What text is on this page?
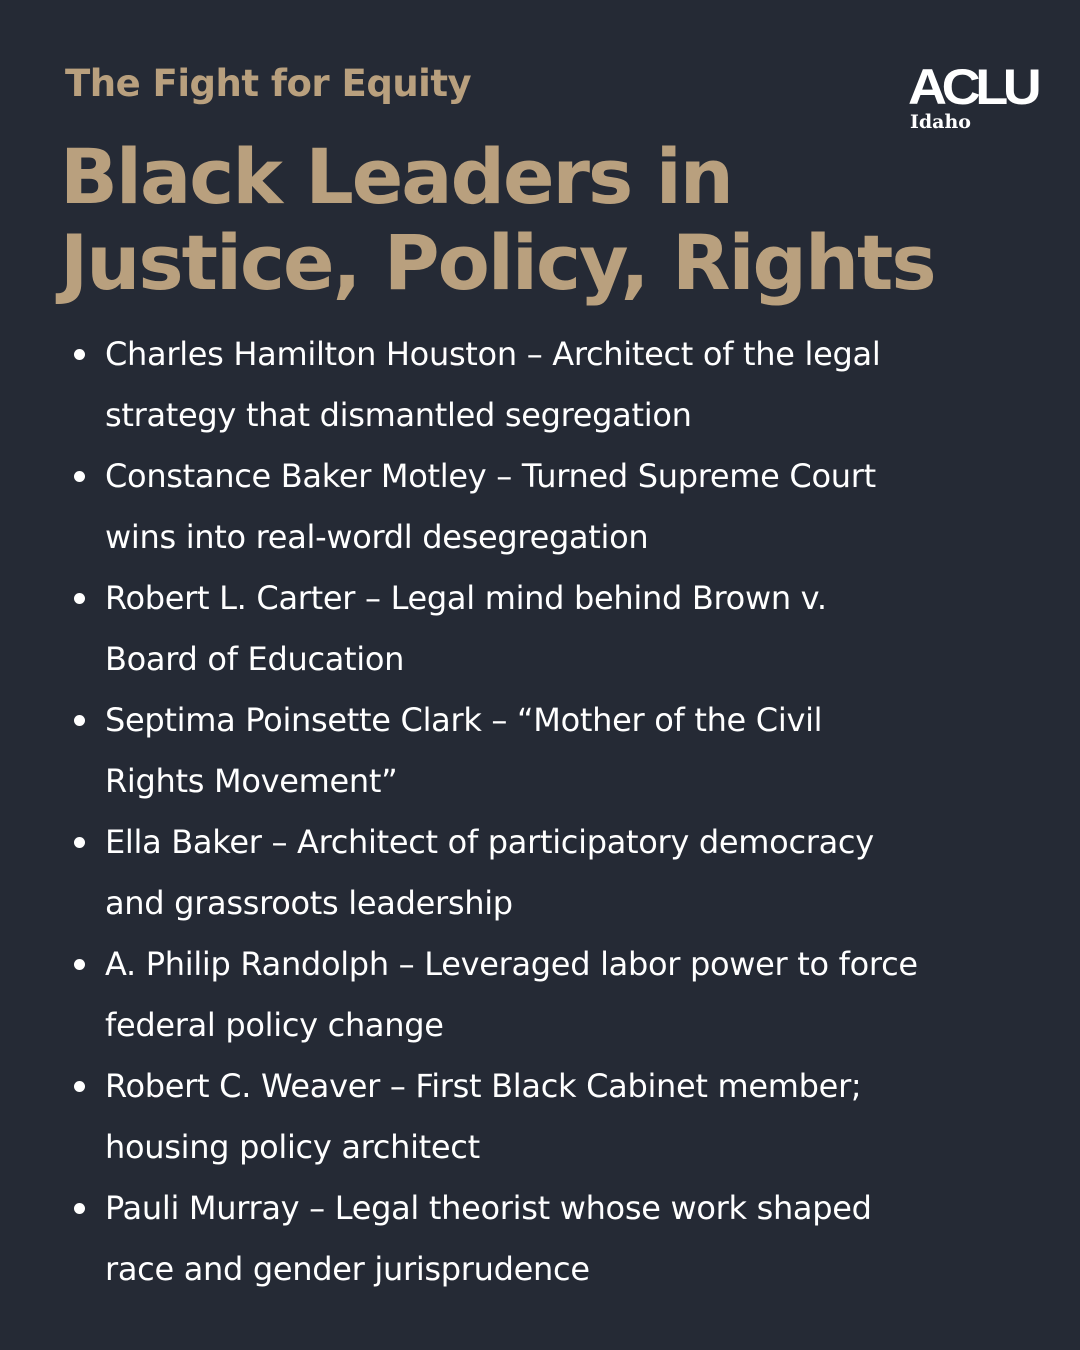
The Fight for Equity
Black Leaders in
Justice, Policy, Rights
ACLU
Idaho
Charles Hamilton Houston – Architect of the legal
strategy that dismantled segregation
Constance Baker Motley – Turned Supreme Court
wins into real-wordl desegregation
Robert L. Carter – Legal mind behind Brown v.
Board of Education
Septima Poinsette Clark – “Mother of the Civil
Rights Movement”
Ella Baker – Architect of participatory democracy
and grassroots leadership
A. Philip Randolph – Leveraged labor power to force
federal policy change
Robert C. Weaver – First Black Cabinet member;
housing policy architect
Pauli Murray – Legal theorist whose work shaped
race and gender jurisprudence
